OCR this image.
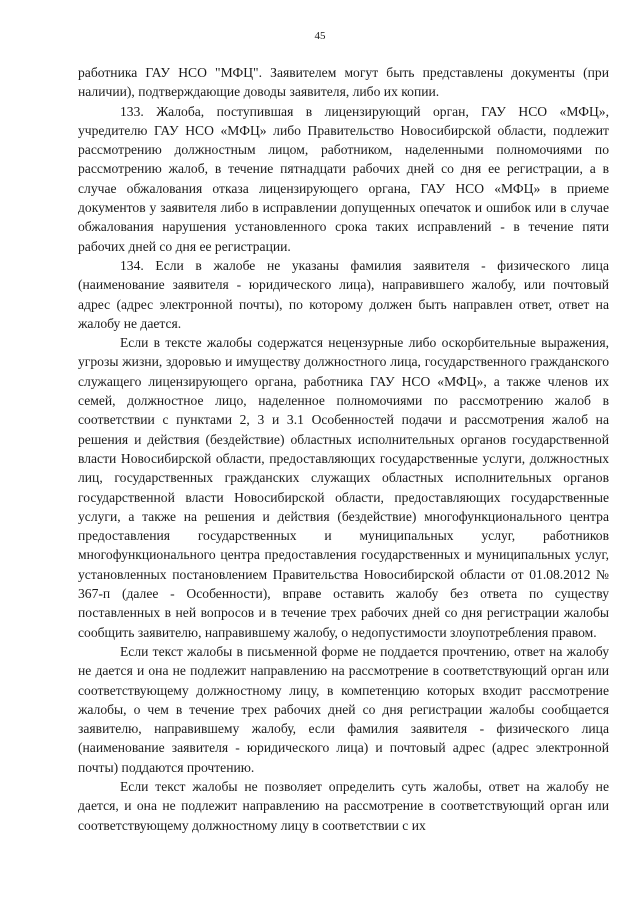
45

работника ГАУ НСО "МФЦ". Заявителем могут быть представлены документы (при наличии), подтверждающие доводы заявителя, либо их копии.

133. Жалоба, поступившая в лицензирующий орган, ГАУ НСО «МФЦ», учредителю ГАУ НСО «МФЦ» либо Правительство Новосибирской области, подлежит рассмотрению должностным лицом, работником, наделенными полномочиями по рассмотрению жалоб, в течение пятнадцати рабочих дней со дня ее регистрации, а в случае обжалования отказа лицензирующего органа, ГАУ НСО «МФЦ» в приеме документов у заявителя либо в исправлении допущенных опечаток и ошибок или в случае обжалования нарушения установленного срока таких исправлений - в течение пяти рабочих дней со дня ее регистрации.

134. Если в жалобе не указаны фамилия заявителя - физического лица (наименование заявителя - юридического лица), направившего жалобу, или почтовый адрес (адрес электронной почты), по которому должен быть направлен ответ, ответ на жалобу не дается.

Если в тексте жалобы содержатся нецензурные либо оскорбительные выражения, угрозы жизни, здоровью и имуществу должностного лица, государственного гражданского служащего лицензирующего органа, работника ГАУ НСО «МФЦ», а также членов их семей, должностное лицо, наделенное полномочиями по рассмотрению жалоб в соответствии с пунктами 2, 3 и 3.1 Особенностей подачи и рассмотрения жалоб на решения и действия (бездействие) областных исполнительных органов государственной власти Новосибирской области, предоставляющих государственные услуги, должностных лиц, государственных гражданских служащих областных исполнительных органов государственной власти Новосибирской области, предоставляющих государственные услуги, а также на решения и действия (бездействие) многофункционального центра предоставления государственных и муниципальных услуг, работников многофункционального центра предоставления государственных и муниципальных услуг, установленных постановлением Правительства Новосибирской области от 01.08.2012 № 367-п (далее - Особенности), вправе оставить жалобу без ответа по существу поставленных в ней вопросов и в течение трех рабочих дней со дня регистрации жалобы сообщить заявителю, направившему жалобу, о недопустимости злоупотребления правом.

Если текст жалобы в письменной форме не поддается прочтению, ответ на жалобу не дается и она не подлежит направлению на рассмотрение в соответствующий орган или соответствующему должностному лицу, в компетенцию которых входит рассмотрение жалобы, о чем в течение трех рабочих дней со дня регистрации жалобы сообщается заявителю, направившему жалобу, если фамилия заявителя - физического лица (наименование заявителя - юридического лица) и почтовый адрес (адрес электронной почты) поддаются прочтению.

Если текст жалобы не позволяет определить суть жалобы, ответ на жалобу не дается, и она не подлежит направлению на рассмотрение в соответствующий орган или соответствующему должностному лицу в соответствии с их
